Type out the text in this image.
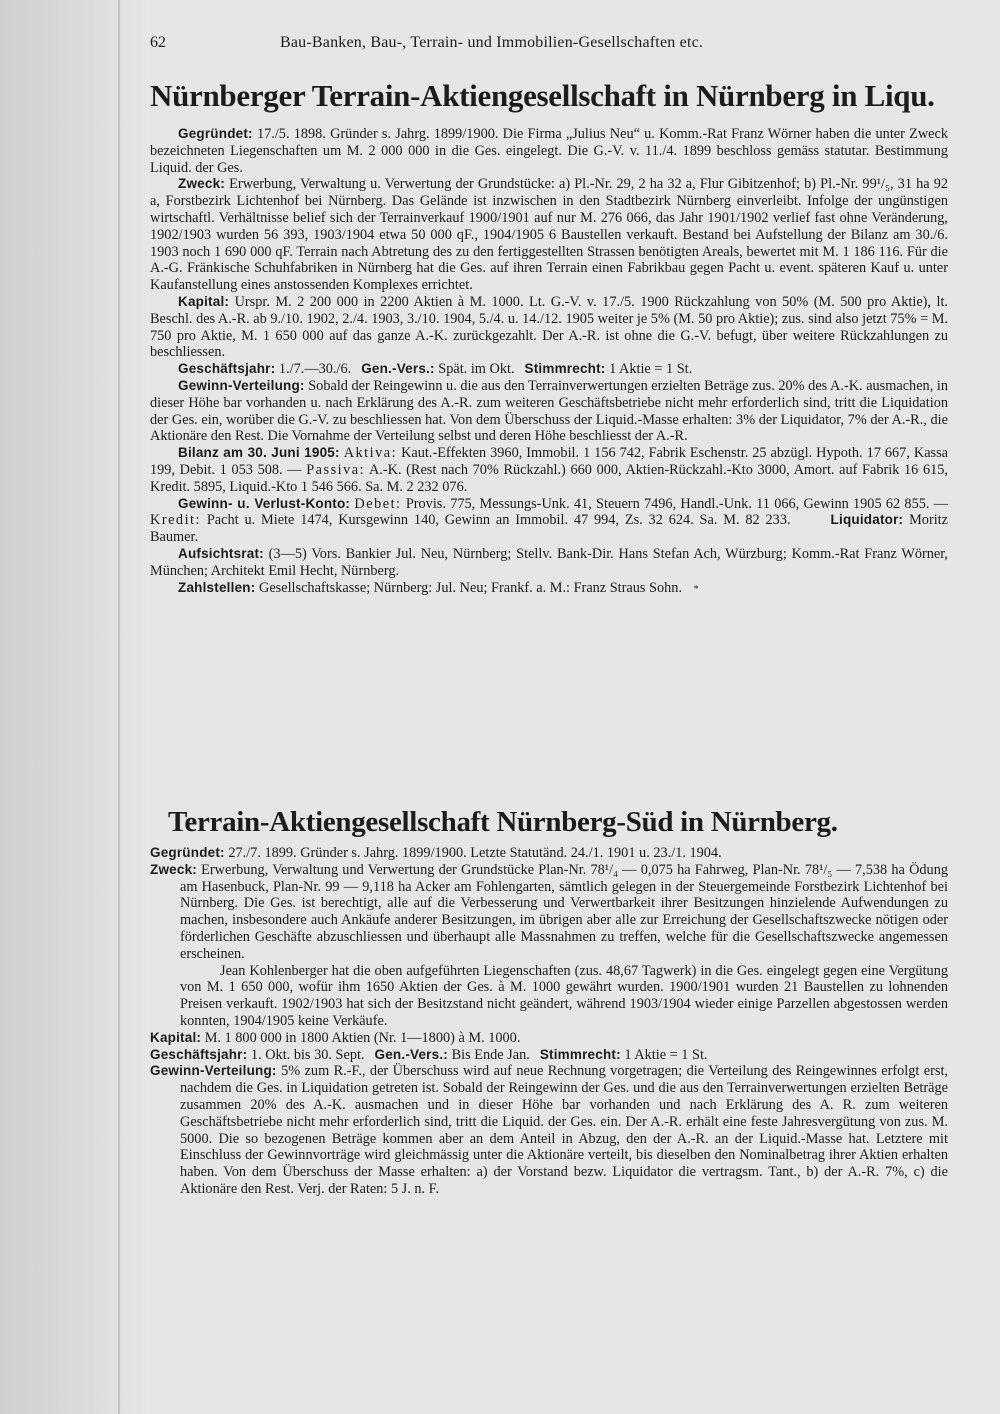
62	Bau-Banken, Bau-, Terrain- und Immobilien-Gesellschaften etc.
Nürnberger Terrain-Aktiengesellschaft in Nürnberg in Liqu.

Gegründet: 17./5. 1898. Gründer s. Jahrg. 1899/1900. Die Firma „Julius Neu“ u. Komm.-Rat Franz Wörner haben die unter Zweck bezeichneten Liegenschaften um M. 2 000 000 in die Ges. eingelegt. Die G.-V. v. 11./4. 1899 beschloss gemäss statutar. Bestimmung Liquid. der Ges.

Zweck: Erwerbung, Verwaltung u. Verwertung der Grundstücke: a) Pl.-Nr. 29, 2 ha 32 a, Flur Gibitzenhof; b) Pl.-Nr. 99¹/₅, 31 ha 92 a, Forstbezirk Lichtenhof bei Nürnberg. Das Gelände ist inzwischen in den Stadtbezirk Nürnberg einverleibt. Infolge der ungünstigen wirtschaftl. Verhältnisse belief sich der Terrainverkauf 1900/1901 auf nur M. 276 066, das Jahr 1901/1902 verlief fast ohne Veränderung, 1902/1903 wurden 56 393, 1903/1904 etwa 50 000 qF., 1904/1905 6 Baustellen verkauft. Bestand bei Aufstellung der Bilanz am 30./6. 1903 noch 1 690 000 qF. Terrain nach Abtretung des zu den fertiggestellten Strassen benötigten Areals, bewertet mit M. 1 186 116. Für die A.-G. Fränkische Schuhfabriken in Nürnberg hat die Ges. auf ihren Terrain einen Fabrikbau gegen Pacht u. event. späteren Kauf u. unter Kaufanstellung eines anstossenden Komplexes errichtet.

Kapital: Urspr. M. 2 200 000 in 2200 Aktien à M. 1000. Lt. G.-V. v. 17./5. 1900 Rückzahlung von 50% (M. 500 pro Aktie), lt. Beschl. des A.-R. ab 9./10. 1902, 2./4. 1903, 3./10. 1904, 5./4. u. 14./12. 1905 weiter je 5% (M. 50 pro Aktie); zus. sind also jetzt 75% = M. 750 pro Aktie, M. 1 650 000 auf das ganze A.-K. zurückgezahlt. Der A.-R. ist ohne die G.-V. befugt, über weitere Rückzahlungen zu beschliessen.

Geschäftsjahr: 1./7.—30./6. Gen.-Vers.: Spät. im Okt. Stimmrecht: 1 Aktie = 1 St.

Gewinn-Verteilung: Sobald der Reingewinn u. die aus den Terrainverwertungen erzielten Beträge zus. 20% des A.-K. ausmachen, in dieser Höhe bar vorhanden u. nach Erklärung des A.-R. zum weiteren Geschäftsbetriebe nicht mehr erforderlich sind, tritt die Liquidation der Ges. ein, worüber die G.-V. zu beschliessen hat. Von dem Überschuss der Liquid.-Masse erhalten: 3% der Liquidator, 7% der A.-R., die Aktionäre den Rest. Die Vornahme der Verteilung selbst und deren Höhe beschliesst der A.-R.

Bilanz am 30. Juni 1905: Aktiva: Kaut.-Effekten 3960, Immobil. 1 156 742, Fabrik Eschenstr. 25 abzügl. Hypoth. 17 667, Kassa 199, Debit. 1 053 508. — Passiva: A.-K. (Rest nach 70% Rückzahl.) 660 000, Aktien-Rückzahl.-Kto 3000, Amort. auf Fabrik 16 615, Kredit. 5895, Liquid.-Kto 1 546 566. Sa. M. 2 232 076.

Gewinn- u. Verlust-Konto: Debet: Provis. 775, Messungs-Unk. 41, Steuern 7496, Handl.-Unk. 11 066, Gewinn 1905 62 855. — Kredit: Pacht u. Miete 1474, Kursgewinn 140, Gewinn an Immobil. 47 994, Zs. 32 624. Sa. M. 82 233.	Liquidator: Moritz Baumer.

Aufsichtsrat: (3—5) Vors. Bankier Jul. Neu, Nürnberg; Stellv. Bank-Dir. Hans Stefan Ach, Würzburg; Komm.-Rat Franz Wörner, München; Architekt Emil Hecht, Nürnberg.

Zahlstellen: Gesellschaftskasse; Nürnberg: Jul. Neu; Frankf. a. M.: Franz Straus Sohn. *

Terrain-Aktiengesellschaft Nürnberg-Süd in Nürnberg.

Gegründet: 27./7. 1899. Gründer s. Jahrg. 1899/1900. Letzte Statutänd. 24./1. 1901 u. 23./1. 1904.

Zweck: Erwerbung, Verwaltung und Verwertung der Grundstücke Plan-Nr. 78¹/₄ — 0,075 ha Fahrweg, Plan-Nr. 78¹/₅ — 7,538 ha Ödung am Hasenbuck, Plan-Nr. 99 — 9,118 ha Acker am Fohlengarten, sämtlich gelegen in der Steuergemeinde Forstbezirk Lichtenhof bei Nürnberg. Die Ges. ist berechtigt, alle auf die Verbesserung und Verwertbarkeit ihrer Besitzungen hinzielende Aufwendungen zu machen, insbesondere auch Ankäufe anderer Besitzungen, im übrigen aber alle zur Erreichung der Gesellschaftszwecke nötigen oder förderlichen Geschäfte abzuschliessen und überhaupt alle Massnahmen zu treffen, welche für die Gesellschaftszwecke angemessen erscheinen.

Jean Kohlenberger hat die oben aufgeführten Liegenschaften (zus. 48,67 Tagwerk) in die Ges. eingelegt gegen eine Vergütung von M. 1 650 000, wofür ihm 1650 Aktien der Ges. à M. 1000 gewährt wurden. 1900/1901 wurden 21 Baustellen zu lohnenden Preisen verkauft. 1902/1903 hat sich der Besitzstand nicht geändert, während 1903/1904 wieder einige Parzellen abgestossen werden konnten, 1904/1905 keine Verkäufe.

Kapital: M. 1 800 000 in 1800 Aktien (Nr. 1—1800) à M. 1000.

Geschäftsjahr: 1. Okt. bis 30. Sept. Gen.-Vers.: Bis Ende Jan. Stimmrecht: 1 Aktie = 1 St.

Gewinn-Verteilung: 5% zum R.-F., der Überschuss wird auf neue Rechnung vorgetragen; die Verteilung des Reingewinnes erfolgt erst, nachdem die Ges. in Liquidation getreten ist. Sobald der Reingewinn der Ges. und die aus den Terrainverwertungen erzielten Beträge zusammen 20% des A.-K. ausmachen und in dieser Höhe bar vorhanden und nach Erklärung des A. R. zum weiteren Geschäftsbetriebe nicht mehr erforderlich sind, tritt die Liquid. der Ges. ein. Der A.-R. erhält eine feste Jahresvergütung von zus. M. 5000. Die so bezogenen Beträge kommen aber an dem Anteil in Abzug, den der A.-R. an der Liquid.-Masse hat. Letztere mit Einschluss der Gewinnvorträge wird gleichmässig unter die Aktionäre verteilt, bis dieselben den Nominalbetrag ihrer Aktien erhalten haben. Von dem Überschuss der Masse erhalten: a) der Vorstand bezw. Liquidator die vertragsm. Tant., b) der A.-R. 7%, c) die Aktionäre den Rest. Verj. der Raten: 5 J. n. F.
